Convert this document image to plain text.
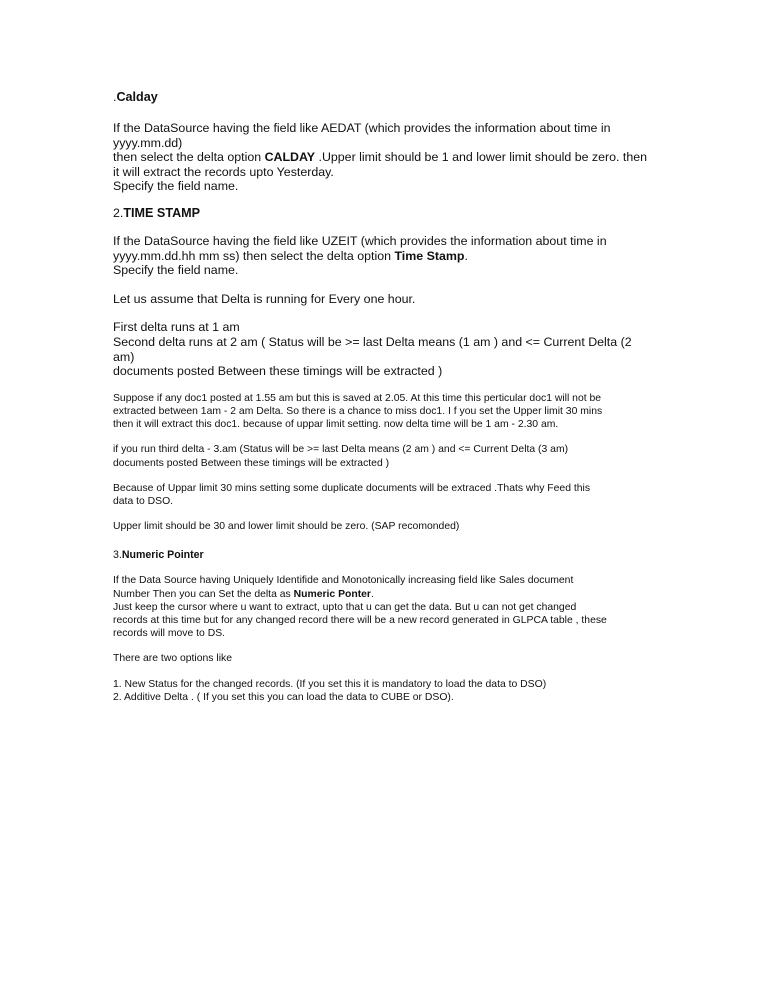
.Calday
If the DataSource having the field like AEDAT (which provides the information about time in
yyyy.mm.dd)
then select the delta option CALDAY .Upper limit should be 1 and lower limit should be zero. then
it will extract the records upto Yesterday.
Specify the field name.
2.TIME STAMP
If the DataSource having the field like UZEIT (which provides the information about time in
yyyy.mm.dd.hh mm ss) then select the delta option Time Stamp.
Specify the field name.
Let us assume that Delta is running for Every one hour.
First delta runs at 1 am
Second delta runs at 2 am ( Status will be >= last Delta means (1 am ) and <= Current Delta (2
am)
documents posted Between these timings will be extracted )
Suppose if any doc1 posted at 1.55 am but this is saved at 2.05. At this time this perticular doc1 will not be
extracted between 1am - 2 am Delta. So there is a chance to miss doc1. I f you set the Upper limit 30 mins
then it will extract this doc1. because of uppar limit setting. now delta time will be 1 am - 2.30 am.
if you run third delta - 3.am (Status will be >= last Delta means (2 am ) and <= Current Delta (3 am)
documents posted Between these timings will be extracted )
Because of Uppar limit 30 mins setting some duplicate documents will be extraced .Thats why Feed this
data to DSO.
Upper limit should be 30 and lower limit should be zero. (SAP recomonded)
3.Numeric Pointer
If the Data Source having Uniquely Identifide and Monotonically increasing field like Sales document
Number Then you can Set the delta as Numeric Ponter.
Just keep the cursor where u want to extract, upto that u can get the data. But u can not get changed
records at this time but for any changed record there will be a new record generated in GLPCA table , these
records will move to DS.
There are two options like
1. New Status for the changed records. (If you set this it is mandatory to load the data to DSO)
2. Additive Delta . ( If you set this you can load the data to CUBE or DSO).
